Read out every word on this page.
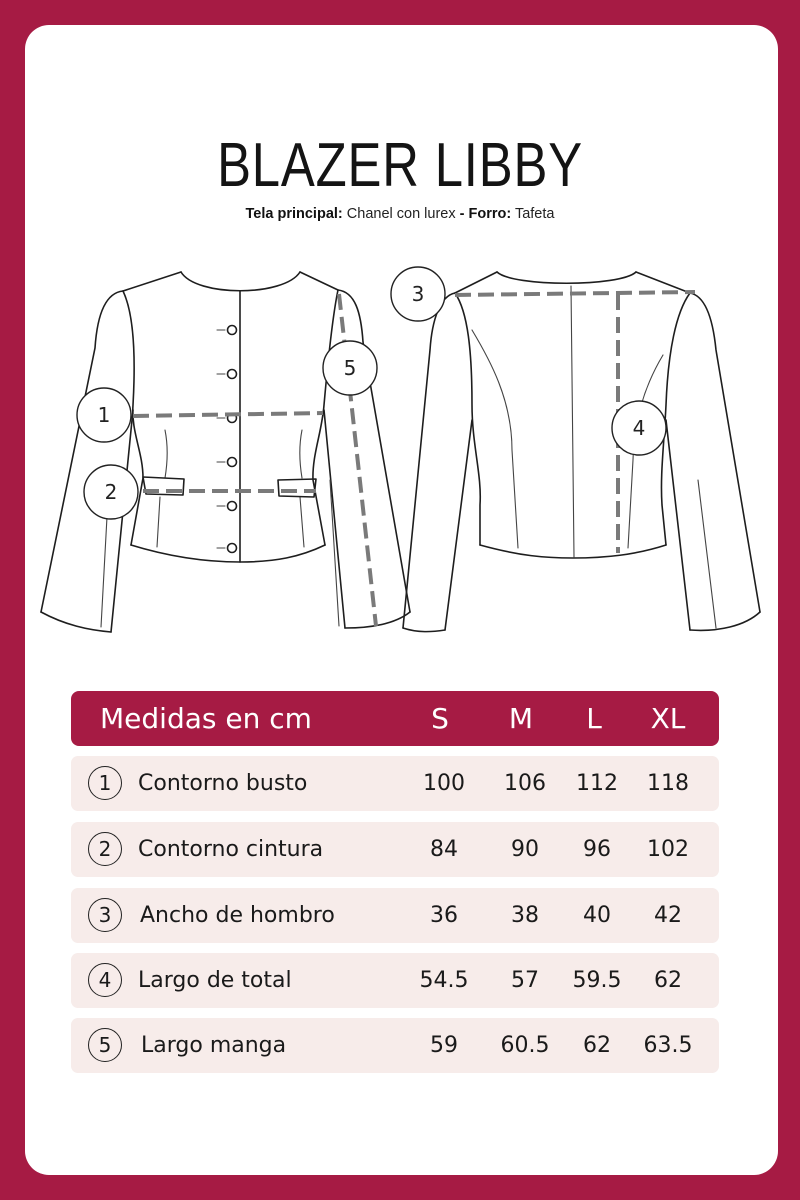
BLAZER LIBBY
Tela principal: Chanel con lurex - Forro: Tafeta
1
2
5
3
4
Medidas en cm	S	M	L	XL
1	Contorno busto	100	106	112	118
2	Contorno cintura	84	90	96	102
3	Ancho de hombro	36	38	40	42
4	Largo de total	54.5	57	59.5	62
5	Largo manga	59	60.5	62	63.5
